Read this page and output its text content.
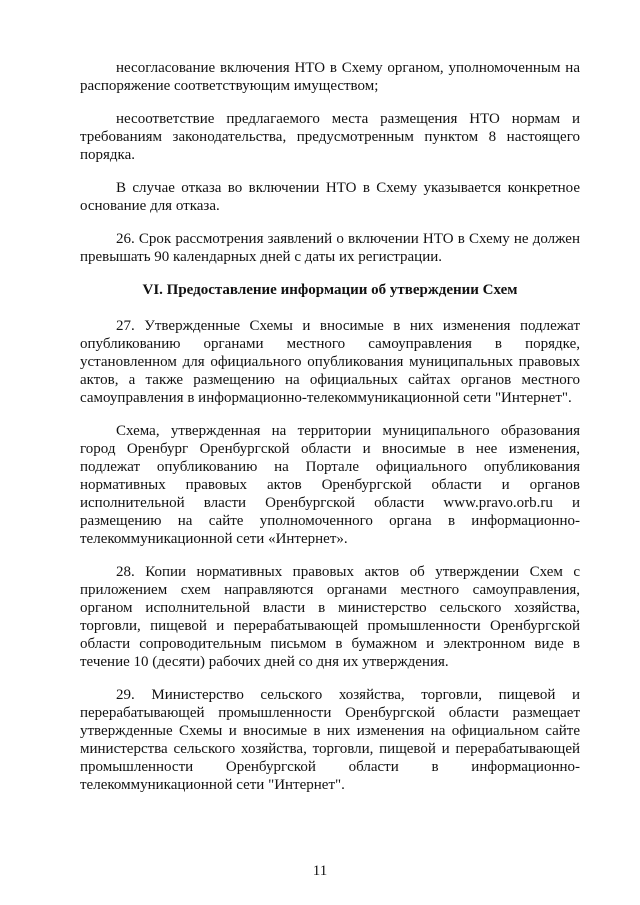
несогласование включения НТО в Схему органом, уполномоченным на распоряжение соответствующим имуществом;

несоответствие предлагаемого места размещения НТО нормам и требованиям законодательства, предусмотренным пунктом 8 настоящего порядка.

В случае отказа во включении НТО в Схему указывается конкретное основание для отказа.

26. Срок рассмотрения заявлений о включении НТО в Схему не должен превышать 90 календарных дней с даты их регистрации.

VI. Предоставление информации об утверждении Схем

27. Утвержденные Схемы и вносимые в них изменения подлежат опубликованию органами местного самоуправления в порядке, установленном для официального опубликования муниципальных правовых актов, а также размещению на официальных сайтах органов местного самоуправления в информационно-телекоммуникационной сети "Интернет".

Схема, утвержденная на территории муниципального образования город Оренбург Оренбургской области и вносимые в нее изменения, подлежат опубликованию на Портале официального опубликования нормативных правовых актов Оренбургской области и органов исполнительной власти Оренбургской области www.pravo.orb.ru и размещению на сайте уполномоченного органа в информационно-телекоммуникационной сети «Интернет».

28. Копии нормативных правовых актов об утверждении Схем с приложением схем направляются органами местного самоуправления, органом исполнительной власти в министерство сельского хозяйства, торговли, пищевой и перерабатывающей промышленности Оренбургской области сопроводительным письмом в бумажном и электронном виде в течение 10 (десяти) рабочих дней со дня их утверждения.

29. Министерство сельского хозяйства, торговли, пищевой и перерабатывающей промышленности Оренбургской области размещает утвержденные Схемы и вносимые в них изменения на официальном сайте министерства сельского хозяйства, торговли, пищевой и перерабатывающей промышленности Оренбургской области в информационно-телекоммуникационной сети "Интернет".

11
